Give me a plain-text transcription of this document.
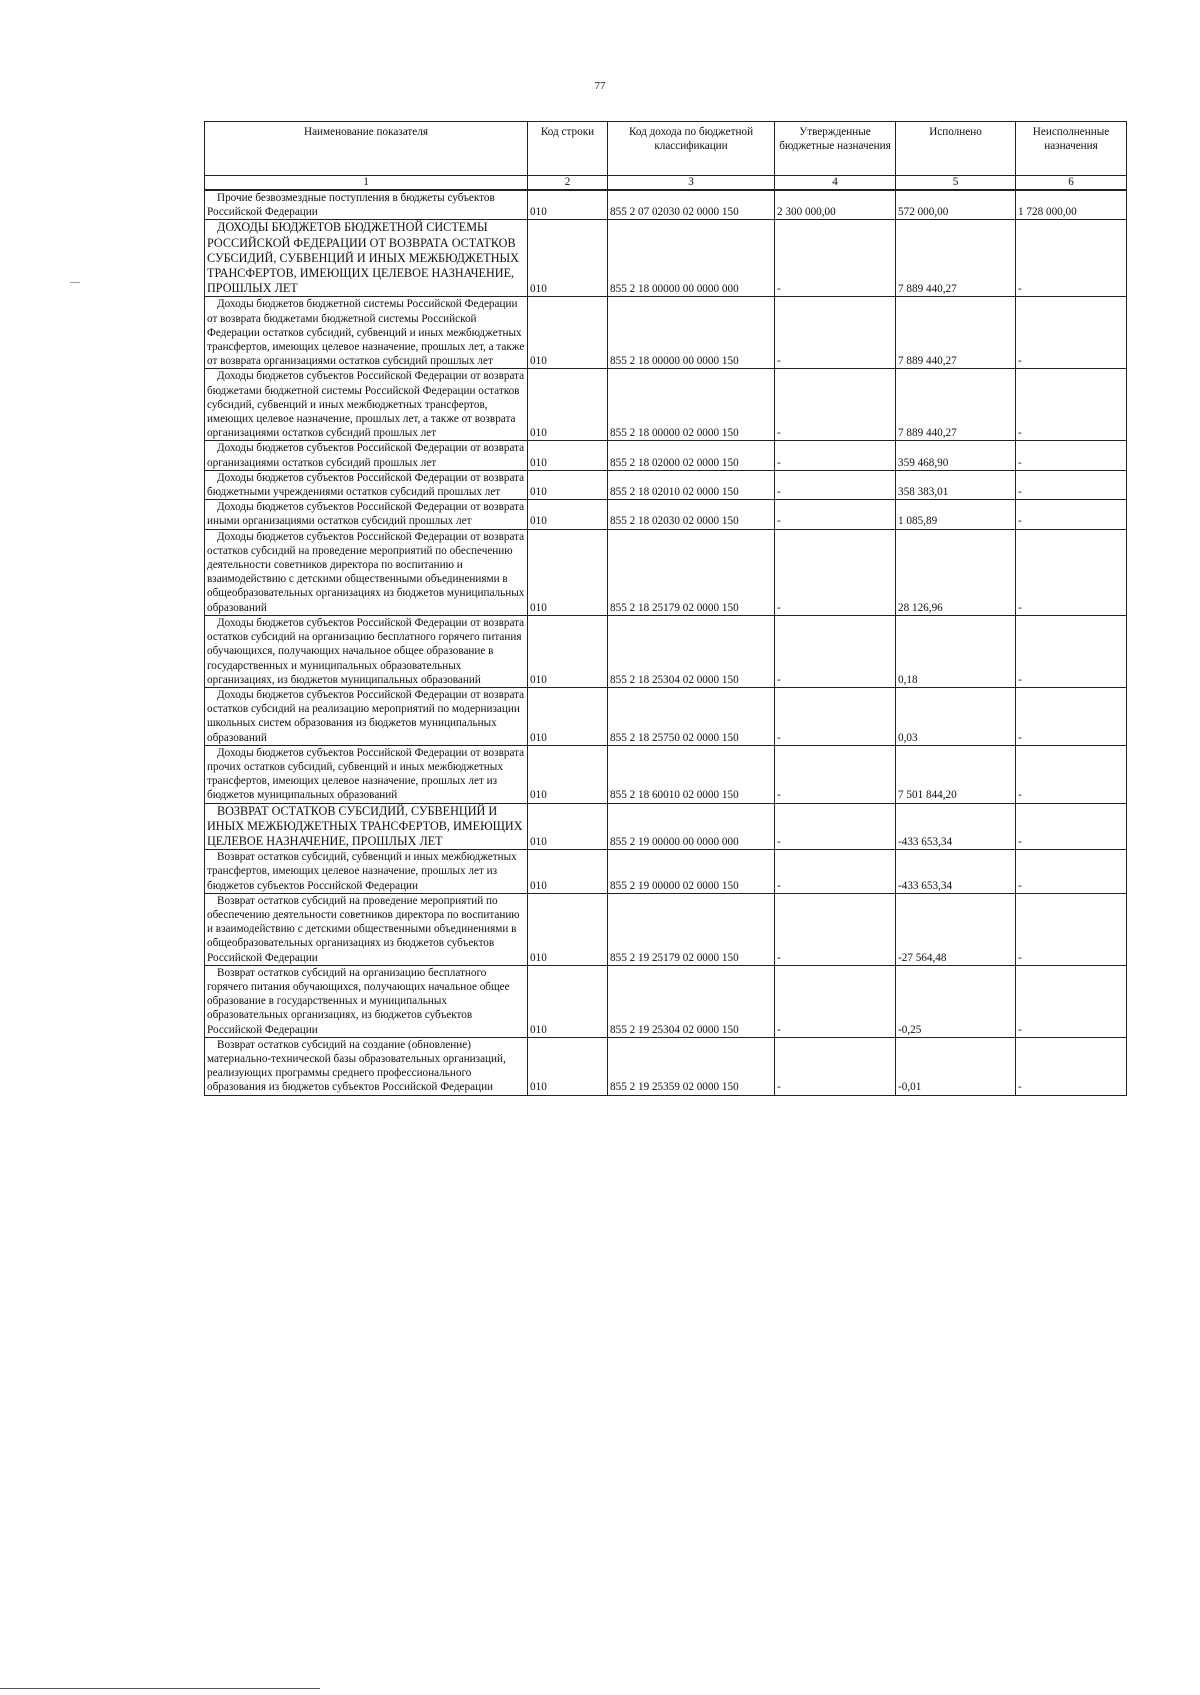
77
Наименование показателя	Код строки	Код дохода по бюджетной классификации	Утвержденные бюджетные назначения	Исполнено	Неисполненные назначения
1	2	3	4	5	6
Прочие безвозмездные поступления в бюджеты субъектов Российской Федерации	010	855 2 07 02030 02 0000 150	2 300 000,00	572 000,00	1 728 000,00
ДОХОДЫ БЮДЖЕТОВ БЮДЖЕТНОЙ СИСТЕМЫ РОССИЙСКОЙ ФЕДЕРАЦИИ ОТ ВОЗВРАТА ОСТАТКОВ СУБСИДИЙ, СУБВЕНЦИЙ И ИНЫХ МЕЖБЮДЖЕТНЫХ ТРАНСФЕРТОВ, ИМЕЮЩИХ ЦЕЛЕВОЕ НАЗНАЧЕНИЕ, ПРОШЛЫХ ЛЕТ	010	855 2 18 00000 00 0000 000	-	7 889 440,27	-
Доходы бюджетов бюджетной системы Российской Федерации от возврата бюджетами бюджетной системы Российской Федерации остатков субсидий, субвенций и иных межбюджетных трансфертов, имеющих целевое назначение, прошлых лет, а также от возврата организациями остатков субсидий прошлых лет	010	855 2 18 00000 00 0000 150	-	7 889 440,27	-
Доходы бюджетов субъектов Российской Федерации от возврата бюджетами бюджетной системы Российской Федерации остатков субсидий, субвенций и иных межбюджетных трансфертов, имеющих целевое назначение, прошлых лет, а также от возврата организациями остатков субсидий прошлых лет	010	855 2 18 00000 02 0000 150	-	7 889 440,27	-
Доходы бюджетов субъектов Российской Федерации от возврата организациями остатков субсидий прошлых лет	010	855 2 18 02000 02 0000 150	-	359 468,90	-
Доходы бюджетов субъектов Российской Федерации от возврата бюджетными учреждениями остатков субсидий прошлых лет	010	855 2 18 02010 02 0000 150	-	358 383,01	-
Доходы бюджетов субъектов Российской Федерации от возврата иными организациями остатков субсидий прошлых лет	010	855 2 18 02030 02 0000 150	-	1 085,89	-
Доходы бюджетов субъектов Российской Федерации от возврата остатков субсидий на проведение мероприятий по обеспечению деятельности советников директора по воспитанию и взаимодействию с детскими общественными объединениями в общеобразовательных организациях из бюджетов муниципальных образований	010	855 2 18 25179 02 0000 150	-	28 126,96	-
Доходы бюджетов субъектов Российской Федерации от возврата остатков субсидий на организацию бесплатного горячего питания обучающихся, получающих начальное общее образование в государственных и муниципальных образовательных организациях, из бюджетов муниципальных образований	010	855 2 18 25304 02 0000 150	-	0,18	-
Доходы бюджетов субъектов Российской Федерации от возврата остатков субсидий на реализацию мероприятий по модернизации школьных систем образования из бюджетов муниципальных образований	010	855 2 18 25750 02 0000 150	-	0,03	-
Доходы бюджетов субъектов Российской Федерации от возврата прочих остатков субсидий, субвенций и иных межбюджетных трансфертов, имеющих целевое назначение, прошлых лет из бюджетов муниципальных образований	010	855 2 18 60010 02 0000 150	-	7 501 844,20	-
ВОЗВРАТ ОСТАТКОВ СУБСИДИЙ, СУБВЕНЦИЙ И ИНЫХ МЕЖБЮДЖЕТНЫХ ТРАНСФЕРТОВ, ИМЕЮЩИХ ЦЕЛЕВОЕ НАЗНАЧЕНИЕ, ПРОШЛЫХ ЛЕТ	010	855 2 19 00000 00 0000 000	-	-433 653,34	-
Возврат остатков субсидий, субвенций и иных межбюджетных трансфертов, имеющих целевое назначение, прошлых лет из бюджетов субъектов Российской Федерации	010	855 2 19 00000 02 0000 150	-	-433 653,34	-
Возврат остатков субсидий на проведение мероприятий по обеспечению деятельности советников директора по воспитанию и взаимодействию с детскими общественными объединениями в общеобразовательных организациях из бюджетов субъектов Российской Федерации	010	855 2 19 25179 02 0000 150	-	-27 564,48	-
Возврат остатков субсидий на организацию бесплатного горячего питания обучающихся, получающих начальное общее образование в государственных и муниципальных образовательных организациях, из бюджетов субъектов Российской Федерации	010	855 2 19 25304 02 0000 150	-	-0,25	-
Возврат остатков субсидий на создание (обновление) материально-технической базы образовательных организаций, реализующих программы среднего профессионального образования из бюджетов субъектов Российской Федерации	010	855 2 19 25359 02 0000 150	-	-0,01	-
